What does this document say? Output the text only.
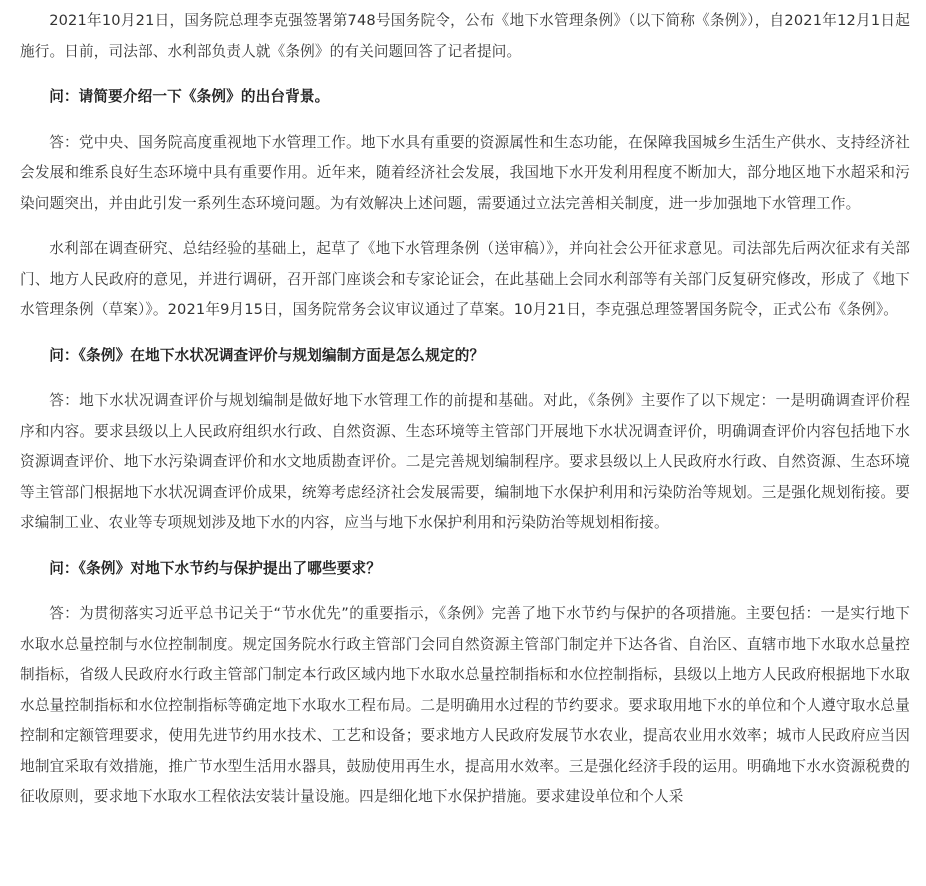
2021年10月21日，国务院总理李克强签署第748号国务院令，公布《地下水管理条例》（以下简称《条例》），自2021年12月1日起施行。日前，司法部、水利部负责人就《条例》的有关问题回答了记者提问。

问：请简要介绍一下《条例》的出台背景。

答：党中央、国务院高度重视地下水管理工作。地下水具有重要的资源属性和生态功能，在保障我国城乡生活生产供水、支持经济社会发展和维系良好生态环境中具有重要作用。近年来，随着经济社会发展，我国地下水开发利用程度不断加大，部分地区地下水超采和污染问题突出，并由此引发一系列生态环境问题。为有效解决上述问题，需要通过立法完善相关制度，进一步加强地下水管理工作。

水利部在调查研究、总结经验的基础上，起草了《地下水管理条例（送审稿）》，并向社会公开征求意见。司法部先后两次征求有关部门、地方人民政府的意见，并进行调研，召开部门座谈会和专家论证会，在此基础上会同水利部等有关部门反复研究修改，形成了《地下水管理条例（草案）》。2021年9月15日，国务院常务会议审议通过了草案。10月21日，李克强总理签署国务院令，正式公布《条例》。

问：《条例》在地下水状况调查评价与规划编制方面是怎么规定的？

答：地下水状况调查评价与规划编制是做好地下水管理工作的前提和基础。对此，《条例》主要作了以下规定：一是明确调查评价程序和内容。要求县级以上人民政府组织水行政、自然资源、生态环境等主管部门开展地下水状况调查评价，明确调查评价内容包括地下水资源调查评价、地下水污染调查评价和水文地质勘查评价。二是完善规划编制程序。要求县级以上人民政府水行政、自然资源、生态环境等主管部门根据地下水状况调查评价成果，统筹考虑经济社会发展需要，编制地下水保护利用和污染防治等规划。三是强化规划衔接。要求编制工业、农业等专项规划涉及地下水的内容，应当与地下水保护利用和污染防治等规划相衔接。

问：《条例》对地下水节约与保护提出了哪些要求？

答：为贯彻落实习近平总书记关于“节水优先”的重要指示，《条例》完善了地下水节约与保护的各项措施。主要包括：一是实行地下水取水总量控制与水位控制制度。规定国务院水行政主管部门会同自然资源主管部门制定并下达各省、自治区、直辖市地下水取水总量控制指标，省级人民政府水行政主管部门制定本行政区域内地下水取水总量控制指标和水位控制指标，县级以上地方人民政府根据地下水取水总量控制指标和水位控制指标等确定地下水取水工程布局。二是明确用水过程的节约要求。要求取用地下水的单位和个人遵守取水总量控制和定额管理要求，使用先进节约用水技术、工艺和设备；要求地方人民政府发展节水农业，提高农业用水效率；城市人民政府应当因地制宜采取有效措施，推广节水型生活用水器具，鼓励使用再生水，提高用水效率。三是强化经济手段的运用。明确地下水水资源税费的征收原则，要求地下水取水工程依法安装计量设施。四是细化地下水保护措施。要求建设单位和个人采
